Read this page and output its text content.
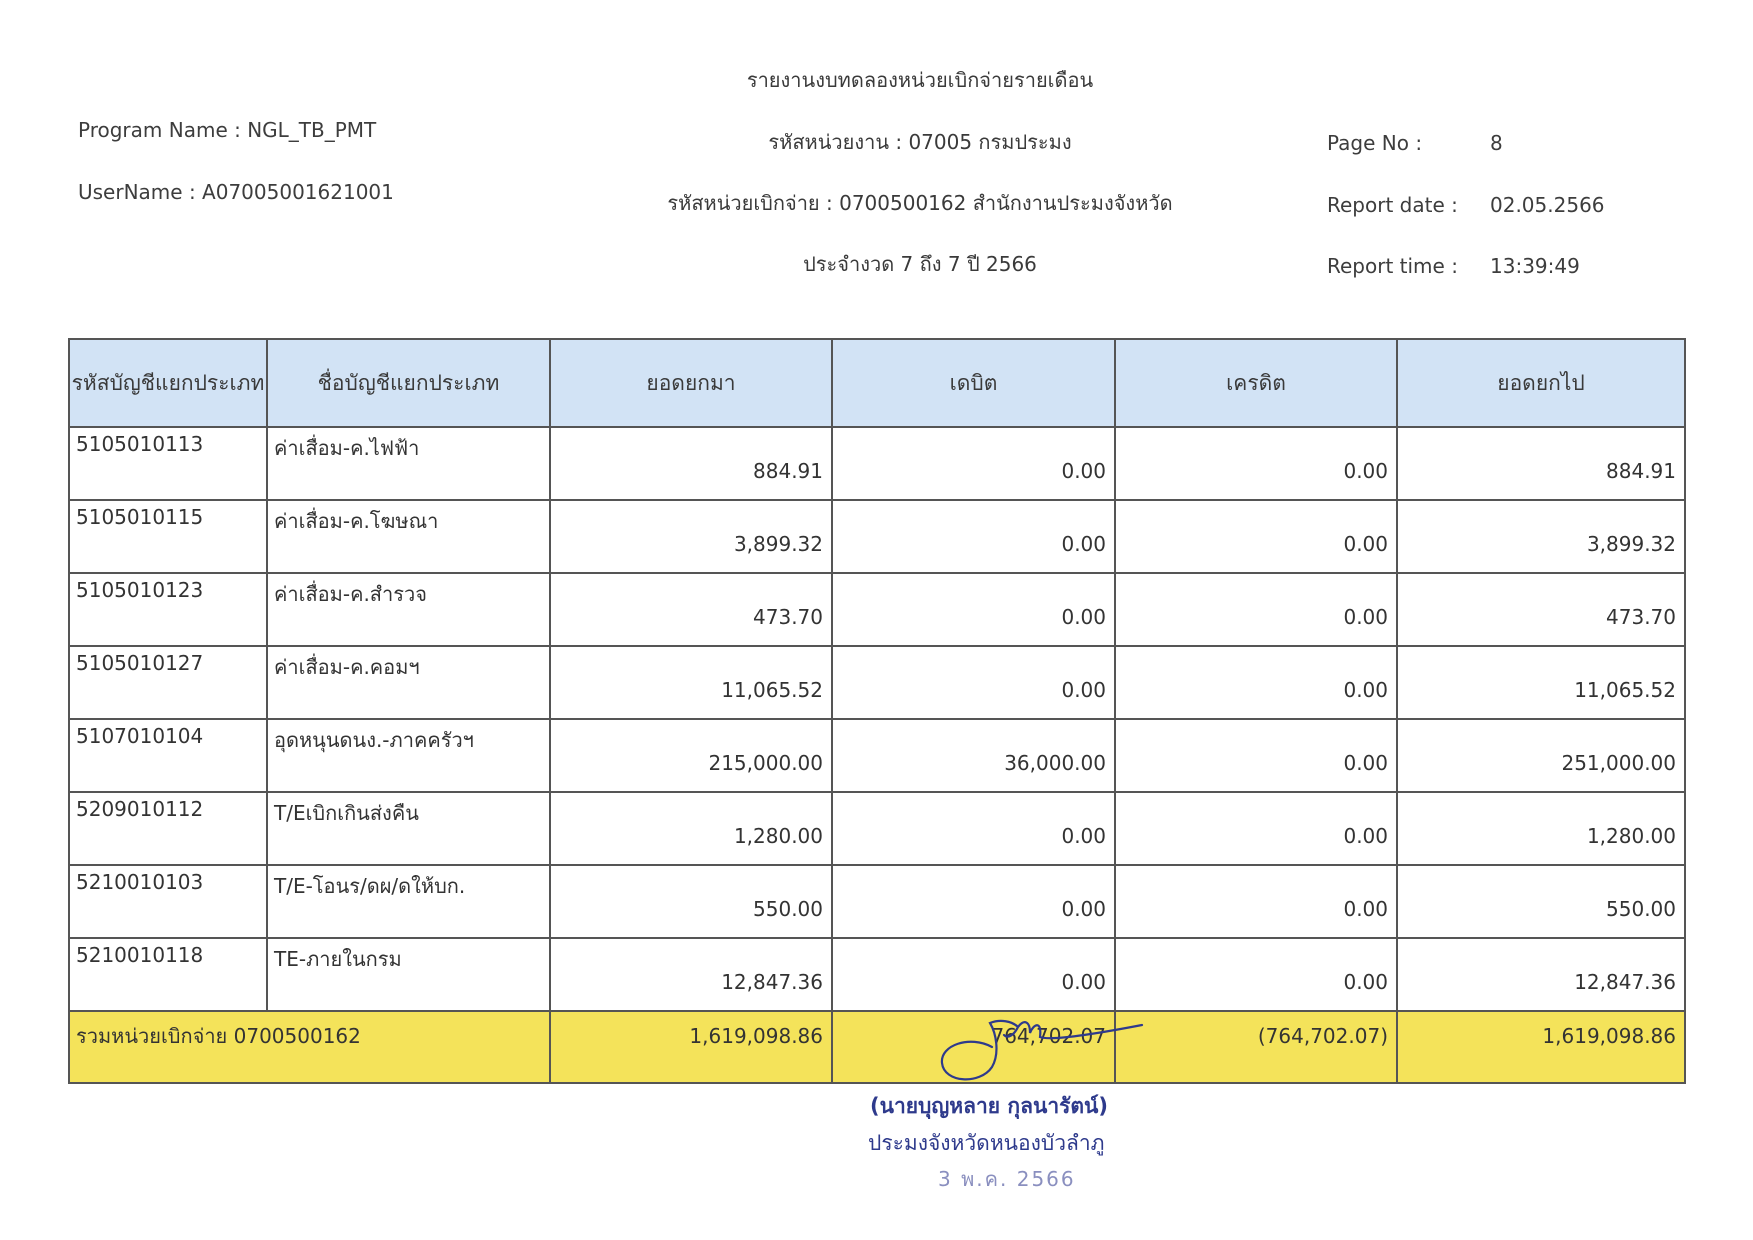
รายงานงบทดลองหน่วยเบิกจ่ายรายเดือน
รหัสหน่วยงาน : 07005 กรมประมง
รหัสหน่วยเบิกจ่าย : 0700500162 สำนักงานประมงจังหวัด
ประจำงวด 7 ถึง 7 ปี 2566
Program Name : NGL_TB_PMT
UserName : A07005001621001
Page No :	8
Report date : 02.05.2566
Report time : 13:39:49
รหัสบัญชีแยกประเภท	ชื่อบัญชีแยกประเภท	ยอดยกมา	เดบิต	เครดิต	ยอดยกไป
5105010113	ค่าเสื่อม-ค.ไฟฟ้า	884.91	0.00	0.00	884.91
5105010115	ค่าเสื่อม-ค.โฆษณา	3,899.32	0.00	0.00	3,899.32
5105010123	ค่าเสื่อม-ค.สำรวจ	473.70	0.00	0.00	473.70
5105010127	ค่าเสื่อม-ค.คอมฯ	11,065.52	0.00	0.00	11,065.52
5107010104	อุดหนุนดนง.-ภาคครัวฯ	215,000.00	36,000.00	0.00	251,000.00
5209010112	T/Eเบิกเกินส่งคืน	1,280.00	0.00	0.00	1,280.00
5210010103	T/E-โอนร/ดผ/ดให้บก.	550.00	0.00	0.00	550.00
5210010118	TE-ภายในกรม	12,847.36	0.00	0.00	12,847.36
รวมหน่วยเบิกจ่าย 0700500162		1,619,098.86	764,702.07	(764,702.07)	1,619,098.86
(นายบุญหลาย กุลนารัตน์)
ประมงจังหวัดหนองบัวลำภู
3 พ.ค. 2566
